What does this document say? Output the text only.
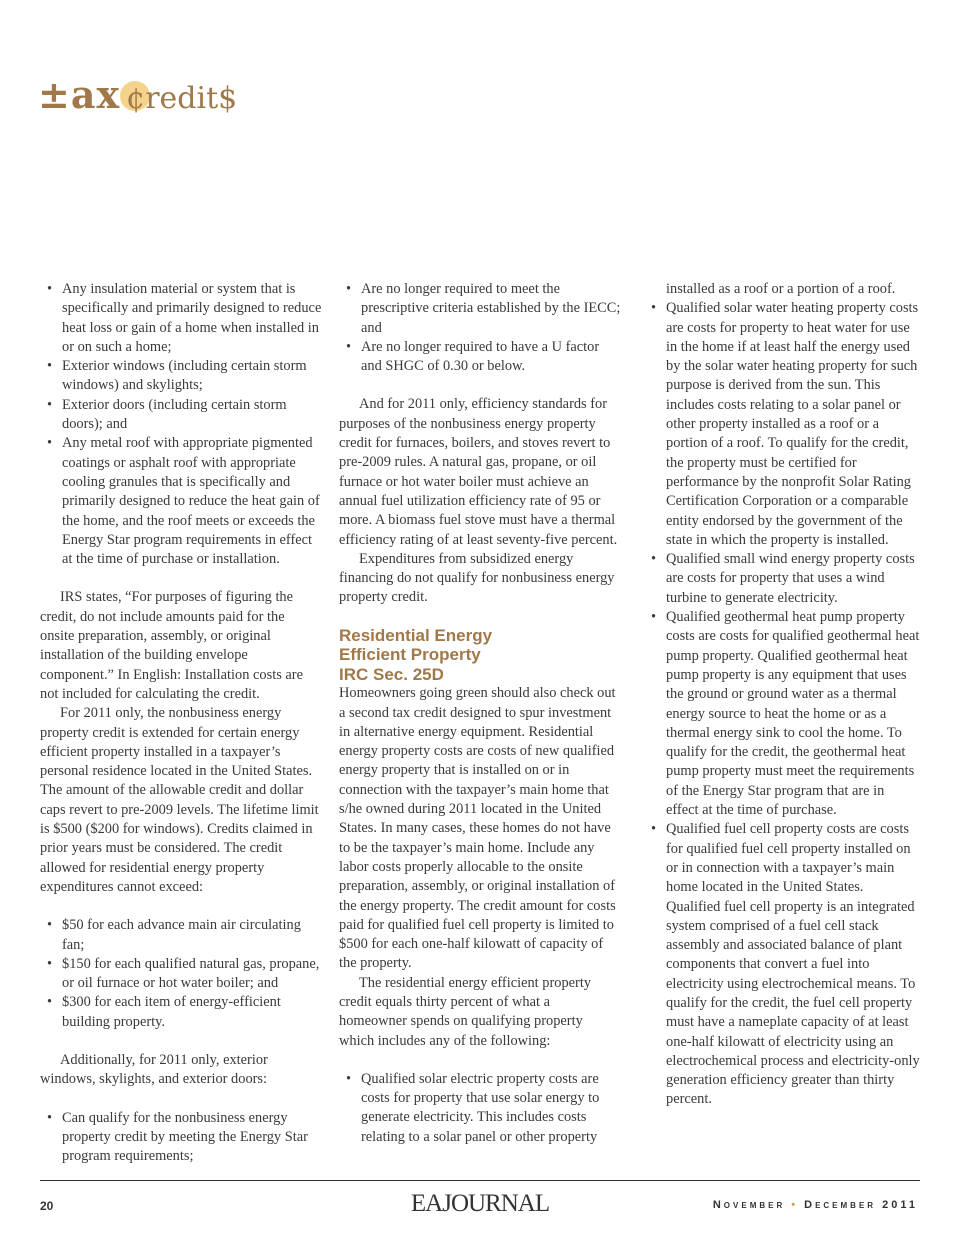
±ax ¢redit$
• Any insulation material or system that is specifically and primarily designed to reduce heat loss or gain of a home when installed in or on such a home;
• Exterior windows (including certain storm windows) and skylights;
• Exterior doors (including certain storm doors); and
• Any metal roof with appropriate pigmented coatings or asphalt roof with appropriate cooling granules that is specifically and primarily designed to reduce the heat gain of the home, and the roof meets or exceeds the Energy Star program requirements in effect at the time of purchase or installation.

IRS states, “For purposes of figuring the credit, do not include amounts paid for the onsite preparation, assembly, or original installation of the building envelope component.” In English: Installation costs are not included for calculating the credit.

For 2011 only, the nonbusiness energy property credit is extended for certain energy efficient property installed in a taxpayer’s personal residence located in the United States. The amount of the allowable credit and dollar caps revert to pre-2009 levels. The lifetime limit is $500 ($200 for windows). Credits claimed in prior years must be considered. The credit allowed for residential energy property expenditures cannot exceed:

• $50 for each advance main air circulating fan;
• $150 for each qualified natural gas, propane, or oil furnace or hot water boiler; and
• $300 for each item of energy-efficient building property.

Additionally, for 2011 only, exterior windows, skylights, and exterior doors:

• Can qualify for the nonbusiness energy property credit by meeting the Energy Star program requirements;
• Are no longer required to meet the prescriptive criteria established by the IECC; and
• Are no longer required to have a U factor and SHGC of 0.30 or below.

And for 2011 only, efficiency standards for purposes of the nonbusiness energy property credit for furnaces, boilers, and stoves revert to pre-2009 rules. A natural gas, propane, or oil furnace or hot water boiler must achieve an annual fuel utilization efficiency rate of 95 or more. A biomass fuel stove must have a thermal efficiency rating of at least seventy-five percent.

Expenditures from subsidized energy financing do not qualify for nonbusiness energy property credit.

Residential Energy
Efficient Property
IRC Sec. 25D

Homeowners going green should also check out a second tax credit designed to spur investment in alternative energy equipment. Residential energy property costs are costs of new qualified energy property that is installed on or in connection with the taxpayer’s main home that s/he owned during 2011 located in the United States. In many cases, these homes do not have to be the taxpayer’s main home. Include any labor costs properly allocable to the onsite preparation, assembly, or original installation of the energy property. The credit amount for costs paid for qualified fuel cell property is limited to $500 for each one-half kilowatt of capacity of the property.

The residential energy efficient property credit equals thirty percent of what a homeowner spends on qualifying property which includes any of the following:

• Qualified solar electric property costs are costs for property that use solar energy to generate electricity. This includes costs relating to a solar panel or other property

installed as a roof or a portion of a roof.

• Qualified solar water heating property costs are costs for property to heat water for use in the home if at least half the energy used by the solar water heating property for such purpose is derived from the sun. This includes costs relating to a solar panel or other property installed as a roof or a portion of a roof. To qualify for the credit, the property must be certified for performance by the nonprofit Solar Rating Certification Corporation or a comparable entity endorsed by the government of the state in which the property is installed.
• Qualified small wind energy property costs are costs for property that uses a wind turbine to generate electricity.
• Qualified geothermal heat pump property costs are costs for qualified geothermal heat pump property. Qualified geothermal heat pump property is any equipment that uses the ground or ground water as a thermal energy source to heat the home or as a thermal energy sink to cool the home. To qualify for the credit, the geothermal heat pump property must meet the requirements of the Energy Star program that are in effect at the time of purchase.
• Qualified fuel cell property costs are costs for qualified fuel cell property installed on or in connection with a taxpayer’s main home located in the United States. Qualified fuel cell property is an integrated system comprised of a fuel cell stack assembly and associated balance of plant components that convert a fuel into electricity using electrochemical means. To qualify for the credit, the fuel cell property must have a nameplate capacity of at least one-half kilowatt of electricity using an electrochemical process and electricity-only generation efficiency greater than thirty percent.
20	EAJOURNAL	November • December 2011
